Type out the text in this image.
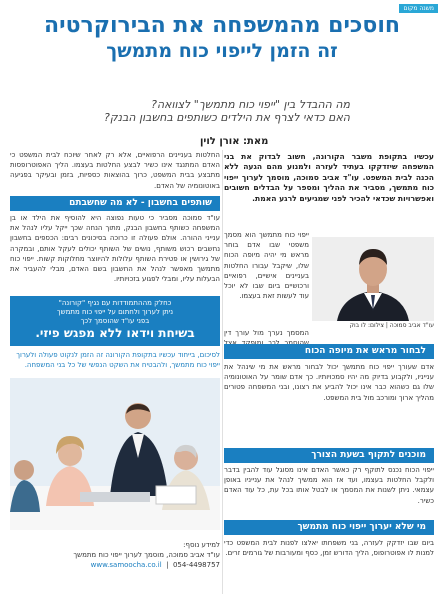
משנה מקום
חוסכים מהמשפחה את הבירוקרטיה
זה הזמן לייפוי כוח מתמשך
מה ההבדל בין "ייפוי כוח מתמשך" לצוואה?
האם כדאי לצרף את הילדים כשותפים בחשבון הבנק?
מאת: אורן לוין
עכשיו בתקופת משבר הקורונה, חשוב לבדוק את בני המשפחה שיזדקקו בעתיד לעזרה ולמנוע מהם הגעה ללא הכנה לבית המשפט. עו"ד אביב סמוכה, מוסמך לערוך ייפוי כוח מתמשך, מסביר את ההליך ומספר על הבדלים חשובים ואפשרויות שכדאי להכיר לפני שמגיעים לרגע האמת.
ייפוי כוח מתמשך הוא מסמך משפטי שבו אדם בוחר מראש מי יהיה מיופה הכוח שלו, שיקבל עבורו החלטות בעניינים אישיים, רפואיים ורכושיים ביום שבו לא יוכל עוד לעשות זאת בעצמו.
עו"ד אביב סמוכה | צילום: לו בוק
המסמך נערך מול עורך דין
לבחור מראש את מיופה הכוח
אדם שעורך ייפוי כוח מתמשך יכול לבחור מראש את מי שינהל את ענייניו, ולקבוע בדיוק מה יהיו סמכויותיו. כך אדם שומר על האוטונומיה שלו גם כשהוא כבר אינו יכול להביע את רצונו, ובני המשפחה פטורים מהליך ארוך ומורכב מול בית המשפט.
מוכנים לתקוף בשעת הצורך
ייפוי הכוח נכנס לתוקף רק כאשר האדם אינו מסוגל עוד להבין בדבר ולקבל החלטות בעצמו, ועד אז הוא ממשיך לנהל את ענייניו באופן עצמאי. ניתן לשנות את המסמך או לבטל אותו בכל עת, כל עוד האדם כשיר.
מי שלא יערוך ייפוי כוח מתמשך
ביום שבו יזדקק לעזרה, בני משפחתו יאלצו לפנות לבית המשפט כדי למנות לו אפוטרופוס, הליך הדורש זמן, כסף ומעורבות של גורמים זרים.
החלטות בעניינים הרפואיים, אלא רק לאחר שיוכח לבית המשפט כי האדם המתנגד אינו כשיר לבצע החלטות בעצמו. הליך האפוטרופסות מתבצע בבית המשפט, כרוך בהוצאות כספיות, בזמן ובעיקר בפגיעה באוטונומיה של האדם.
שותפים בחשבון - לא מה שחשבתם
עו"ד סמוכה מסביר כי טעות נפוצה היא להוסיף את הילד או בן המשפחה כשותף בחשבון הבנק, מתוך הנחה שכך ייקל עליו לנהל את ענייני ההורה. אולם פעולה זו כרוכה בסיכונים רבים: הכספים בחשבון נחשבים רכוש משותף, נושים של השותף יכולים לעקל אותם, ובמקרה של גירושין או פטירת השותף עלולות להיווצר מחלוקות קשות. ייפוי כוח מתמשך מאפשר לנהל את החשבון בשם האדם, מבלי להעביר את הבעלות עליו, ומבלי לפגוע בזכויותיו.
כחלק מההתמודדות עם נגיף "קורונה"
ניתן לערוך ולחתום על ייפוי כוח מתמשך
בפני עו"ד שהוסמך לכך
בשיחת וידאו ללא מפגש פיזי.
לסיכום, בייחוד עכשיו בתקופת הקורונה זה הזמן לנקוט פעולה ולערוך ייפוי כוח מתמשך, ולהבטיח את השקט הנפשי של כל בני המשפחה.
למידע נוסף:
עו"ד אביב סמוכה, מוסמך לערוך ייפוי כוח מתמשך
054-4498757  |  www.samoocha.co.il
